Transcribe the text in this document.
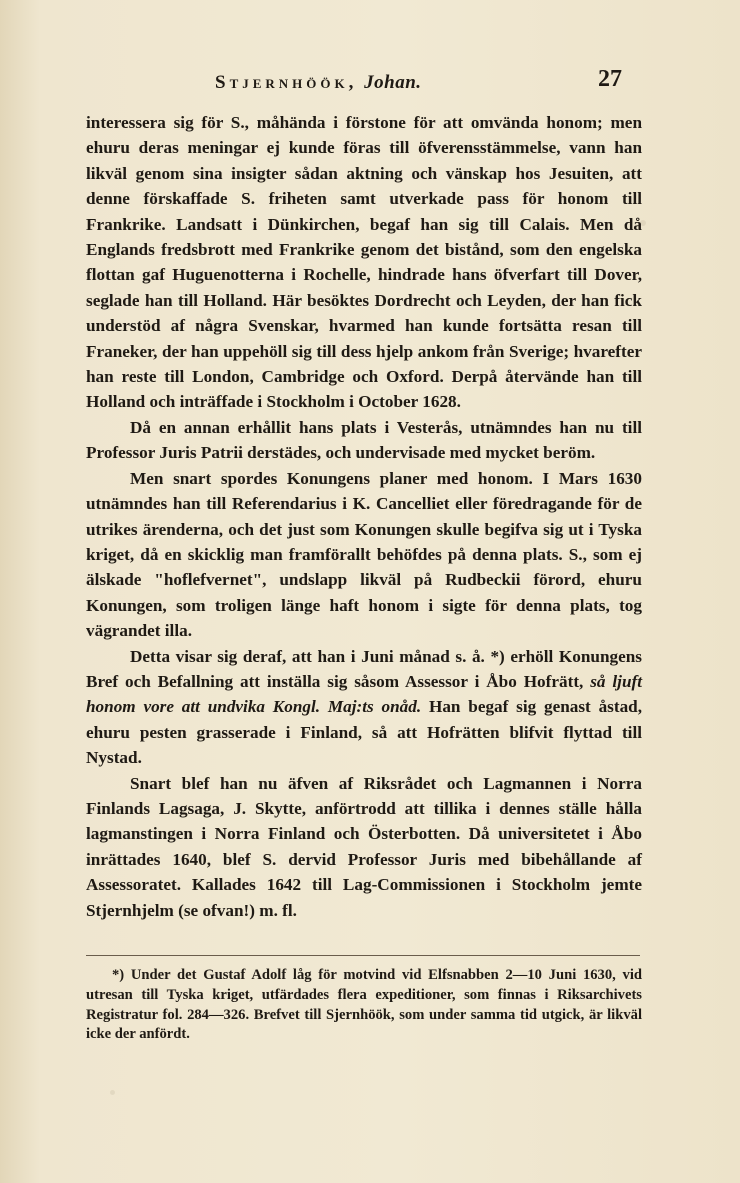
Stjernhöök, Johan.	27

interessera sig för S., måhända i förstone för att omvända honom; men ehuru deras meningar ej kunde föras till öfverensstämmelse, vann han likväl genom sina insigter sådan aktning och vänskap hos Jesuiten, att denne förskaffade S. friheten samt utverkade pass för honom till Frankrike. Landsatt i Dünkirchen, begaf han sig till Calais. Men då Englands fredsbrott med Frankrike genom det bistånd, som den engelska flottan gaf Huguenotterna i Rochelle, hindrade hans öfverfart till Dover, seglade han till Holland. Här besöktes Dordrecht och Leyden, der han fick understöd af några Svenskar, hvarmed han kunde fortsätta resan till Franeker, der han uppehöll sig till dess hjelp ankom från Sverige; hvarefter han reste till London, Cambridge och Oxford. Derpå återvände han till Holland och inträffade i Stockholm i October 1628.

Då en annan erhållit hans plats i Vesterås, utnämndes han nu till Professor Juris Patrii derstädes, och undervisade med mycket beröm.

Men snart spordes Konungens planer med honom. I Mars 1630 utnämndes han till Referendarius i K. Cancelliet eller föredragande för de utrikes ärenderna, och det just som Konungen skulle begifva sig ut i Tyska kriget, då en skicklig man framförallt behöfdes på denna plats. S., som ej älskade "hoflefvernet", undslapp likväl på Rudbeckii förord, ehuru Konungen, som troligen länge haft honom i sigte för denna plats, tog vägrandet illa.

Detta visar sig deraf, att han i Juni månad s. å. *) erhöll Konungens Bref och Befallning att inställa sig såsom Assessor i Åbo Hofrätt, så ljuft honom vore att undvika Kongl. Maj:ts onåd. Han begaf sig genast åstad, ehuru pesten grasserade i Finland, så att Hofrätten blifvit flyttad till Nystad.

Snart blef han nu äfven af Riksrådet och Lagmannen i Norra Finlands Lagsaga, J. Skytte, anförtrodd att tillika i dennes ställe hålla lagmanstingen i Norra Finland och Österbotten. Då universitetet i Åbo inrättades 1640, blef S. dervid Professor Juris med bibehållande af Assessoratet. Kallades 1642 till Lag-Commissionen i Stockholm jemte Stjernhjelm (se ofvan!) m. fl.

*) Under det Gustaf Adolf låg för motvind vid Elfsnabben 2—10 Juni 1630, vid utresan till Tyska kriget, utfärdades flera expeditioner, som finnas i Riksarchivets Registratur fol. 284—326. Brefvet till Sjernhöök, som under samma tid utgick, är likväl icke der anfördt.
